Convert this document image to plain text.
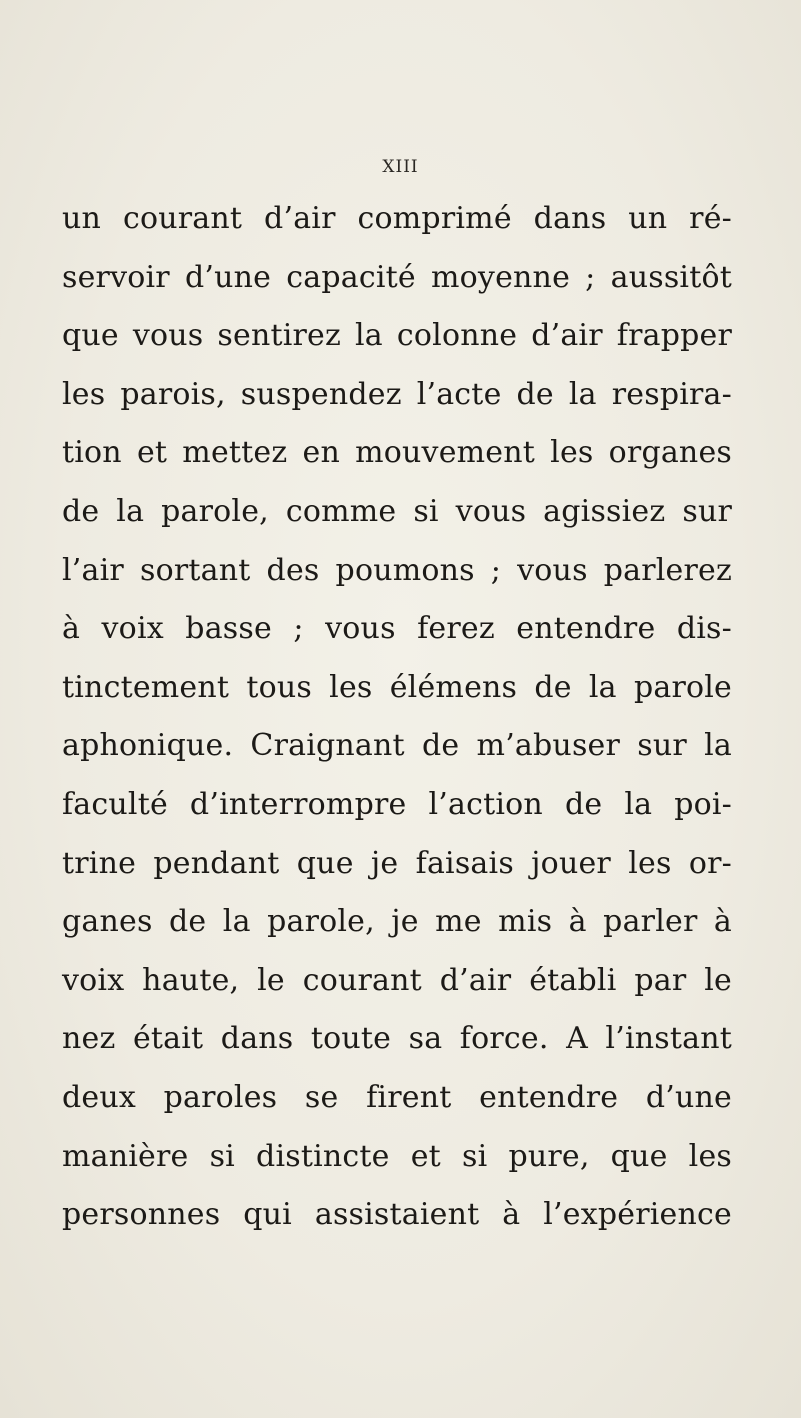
XIII
un courant d’air comprimé dans un ré-
servoir d’une capacité moyenne ; aussitôt
que vous sentirez la colonne d’air frapper
les parois, suspendez l’acte de la respira-
tion et mettez en mouvement les organes
de la parole, comme si vous agissiez sur
l’air sortant des poumons ; vous parlerez
à voix basse ; vous ferez entendre dis-
tinctement tous les élémens de la parole
aphonique. Craignant de m’abuser sur la
faculté d’interrompre l’action de la poi-
trine pendant que je faisais jouer les or-
ganes de la parole, je me mis à parler à
voix haute, le courant d’air établi par le
nez était dans toute sa force. A l’instant
deux paroles se firent entendre d’une
manière si distincte et si pure, que les
personnes qui assistaient à l’expérience
